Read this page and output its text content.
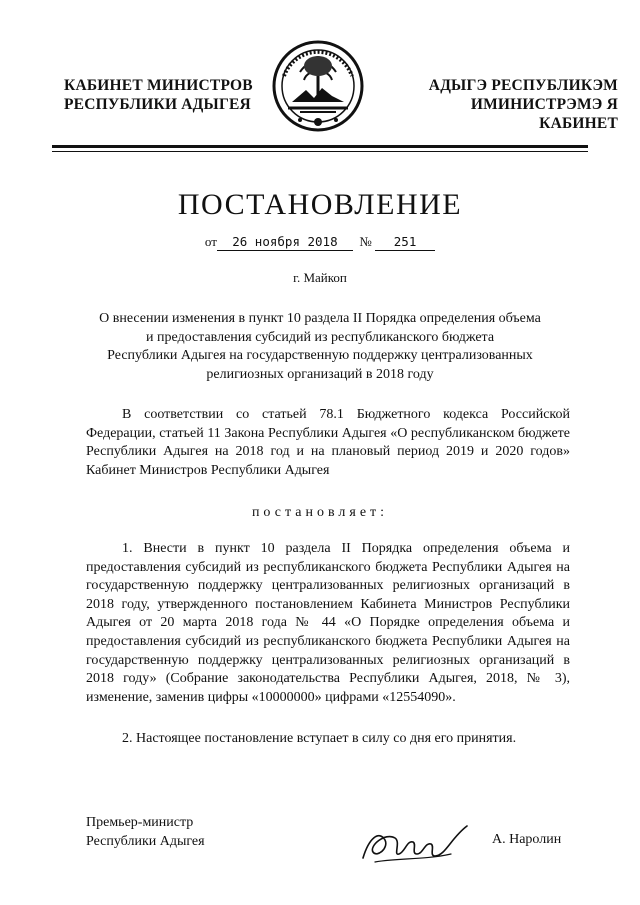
КАБИНЕТ МИНИСТРОВ
РЕСПУБЛИКИ АДЫГЕЯ
АДЫГЭ РЕСПУБЛИКЭМ
ИМИНИСТРЭМЭ Я КАБИНЕТ
ПОСТАНОВЛЕНИЕ
от 26 ноября 2018 № 251
г. Майкоп
О внесении изменения в пункт 10 раздела II Порядка определения объема
и предоставления субсидий из республиканского бюджета
Республики Адыгея на государственную поддержку централизованных
религиозных организаций в 2018 году
В соответствии со статьей 78.1 Бюджетного кодекса Российской Федерации, статьей 11 Закона Республики Адыгея «О республиканском бюджете Республики Адыгея на 2018 год и на плановый период 2019 и 2020 годов» Кабинет Министров Республики Адыгея
постановляет:
1. Внести в пункт 10 раздела II Порядка определения объема и предоставления субсидий из республиканского бюджета Республики Адыгея на государственную поддержку централизованных религиозных организаций в 2018 году, утвержденного постановлением Кабинета Министров Республики Адыгея от 20 марта 2018 года № 44 «О Порядке определения объема и предоставления субсидий из республиканского бюджета Республики Адыгея на государственную поддержку централизованных религиозных организаций в 2018 году» (Собрание законодательства Республики Адыгея, 2018, № 3), изменение, заменив цифры «10000000» цифрами «12554090».
2. Настоящее постановление вступает в силу со дня его принятия.
Премьер-министр
Республики Адыгея	А. Наролин
